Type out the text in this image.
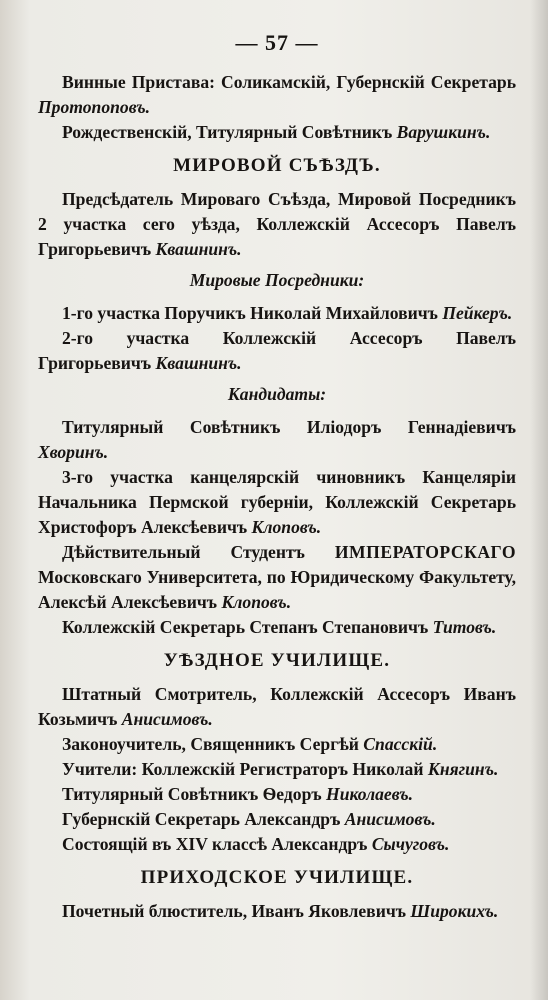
— 57 —

Винные Пристава: Соликамскій, Губернскій Секретарь Протопоповъ.

Рождественскій, Титулярный Совѣтникъ Варушкинъ.

МИРОВОЙ СЪѢЗДЪ.

Предсѣдатель Мироваго Съѣзда, Мировой Посредникъ 2 участка сего уѣзда, Коллежскій Ассесоръ Павелъ Григорьевичъ Квашнинъ.

Мировые Посредники:

1-го участка Поручикъ Николай Михайловичъ Пейкеръ.

2-го участка Коллежскій Ассесоръ Павелъ Григорьевичъ Квашнинъ.

Кандидаты:

Титулярный Совѣтникъ Иліодоръ Геннадіевичъ Хворинъ.

3-го участка канцелярскій чиновникъ Канцеляріи Начальника Пермской губерніи, Коллежскій Секретарь Христофоръ Алексѣевичъ Клоповъ.

Дѣйствительный Студентъ ИМПЕРАТОРСКАГО Московскаго Университета, по Юридическому Факультету, Алексѣй Алексѣевичъ Клоповъ.

Коллежскій Секретарь Степанъ Степановичъ Титовъ.

УѢЗДНОЕ УЧИЛИЩЕ.

Штатный Смотритель, Коллежскій Ассесоръ Иванъ Козьмичъ Анисимовъ.

Законоучитель, Священникъ Сергѣй Спасскій.

Учители: Коллежскій Регистраторъ Николай Княгинъ.

Титулярный Совѣтникъ Ѳедоръ Николаевъ.

Губернскій Секретарь Александръ Анисимовъ.

Состоящій въ XIV классѣ Александръ Сычуговъ.

ПРИХОДСКОЕ УЧИЛИЩЕ.

Почетный блюститель, Иванъ Яковлевичъ Широкихъ.
